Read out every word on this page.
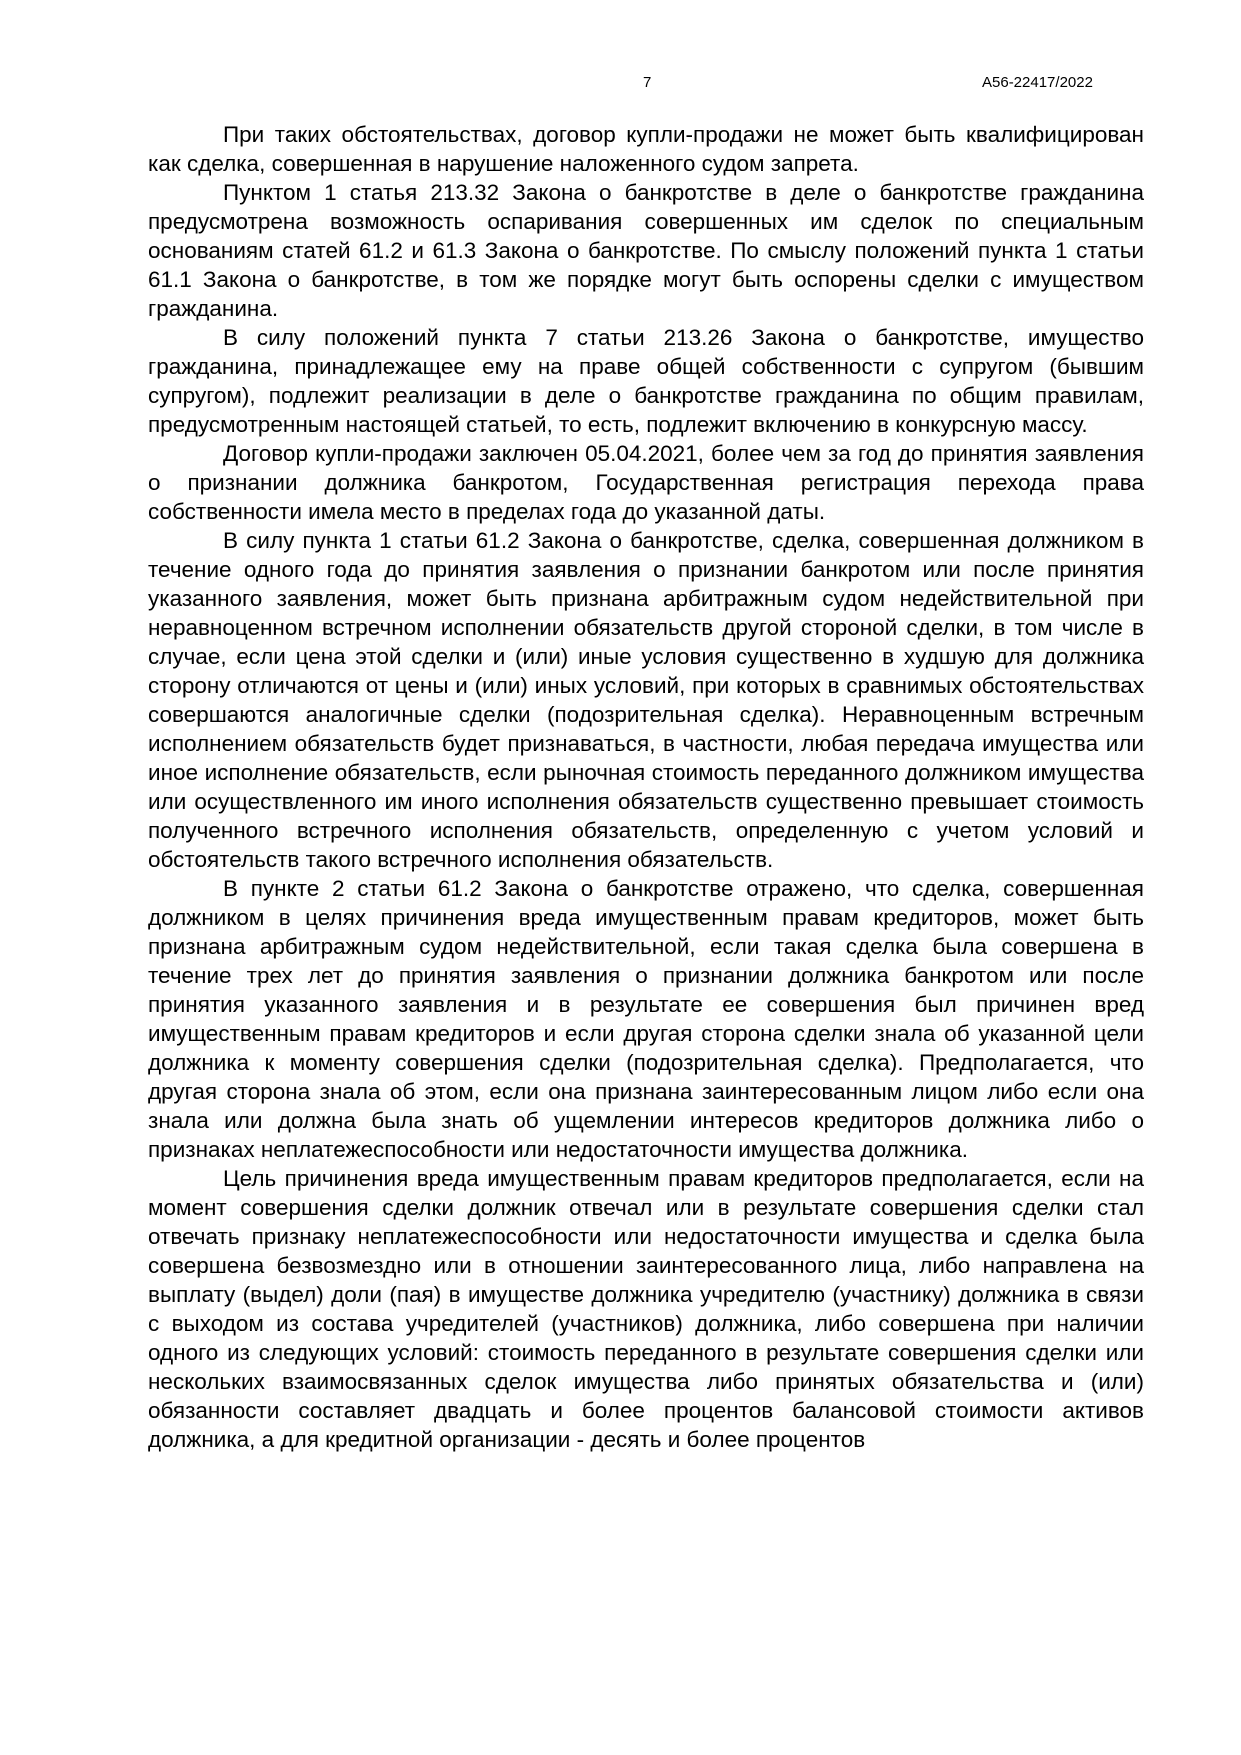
7	А56-22417/2022

При таких обстоятельствах, договор купли-продажи не может быть квалифицирован как сделка, совершенная в нарушение наложенного судом запрета.

Пунктом 1 статья 213.32 Закона о банкротстве в деле о банкротстве гражданина предусмотрена возможность оспаривания совершенных им сделок по специальным основаниям статей 61.2 и 61.3 Закона о банкротстве. По смыслу положений пункта 1 статьи 61.1 Закона о банкротстве, в том же порядке могут быть оспорены сделки с имуществом гражданина.

В силу положений пункта 7 статьи 213.26 Закона о банкротстве, имущество гражданина, принадлежащее ему на праве общей собственности с супругом (бывшим супругом), подлежит реализации в деле о банкротстве гражданина по общим правилам, предусмотренным настоящей статьей, то есть, подлежит включению в конкурсную массу.

Договор купли-продажи заключен 05.04.2021, более чем за год до принятия заявления о признании должника банкротом, Государственная регистрация перехода права собственности имела место в пределах года до указанной даты.

В силу пункта 1 статьи 61.2 Закона о банкротстве, сделка, совершенная должником в течение одного года до принятия заявления о признании банкротом или после принятия указанного заявления, может быть признана арбитражным судом недействительной при неравноценном встречном исполнении обязательств другой стороной сделки, в том числе в случае, если цена этой сделки и (или) иные условия существенно в худшую для должника сторону отличаются от цены и (или) иных условий, при которых в сравнимых обстоятельствах совершаются аналогичные сделки (подозрительная сделка). Неравноценным встречным исполнением обязательств будет признаваться, в частности, любая передача имущества или иное исполнение обязательств, если рыночная стоимость переданного должником имущества или осуществленного им иного исполнения обязательств существенно превышает стоимость полученного встречного исполнения обязательств, определенную с учетом условий и обстоятельств такого встречного исполнения обязательств.

В пункте 2 статьи 61.2 Закона о банкротстве отражено, что сделка, совершенная должником в целях причинения вреда имущественным правам кредиторов, может быть признана арбитражным судом недействительной, если такая сделка была совершена в течение трех лет до принятия заявления о признании должника банкротом или после принятия указанного заявления и в результате ее совершения был причинен вред имущественным правам кредиторов и если другая сторона сделки знала об указанной цели должника к моменту совершения сделки (подозрительная сделка). Предполагается, что другая сторона знала об этом, если она признана заинтересованным лицом либо если она знала или должна была знать об ущемлении интересов кредиторов должника либо о признаках неплатежеспособности или недостаточности имущества должника.

Цель причинения вреда имущественным правам кредиторов предполагается, если на момент совершения сделки должник отвечал или в результате совершения сделки стал отвечать признаку неплатежеспособности или недостаточности имущества и сделка была совершена безвозмездно или в отношении заинтересованного лица, либо направлена на выплату (выдел) доли (пая) в имуществе должника учредителю (участнику) должника в связи с выходом из состава учредителей (участников) должника, либо совершена при наличии одного из следующих условий: стоимость переданного в результате совершения сделки или нескольких взаимосвязанных сделок имущества либо принятых обязательства и (или) обязанности составляет двадцать и более процентов балансовой стоимости активов должника, а для кредитной организации - десять и более процентов
